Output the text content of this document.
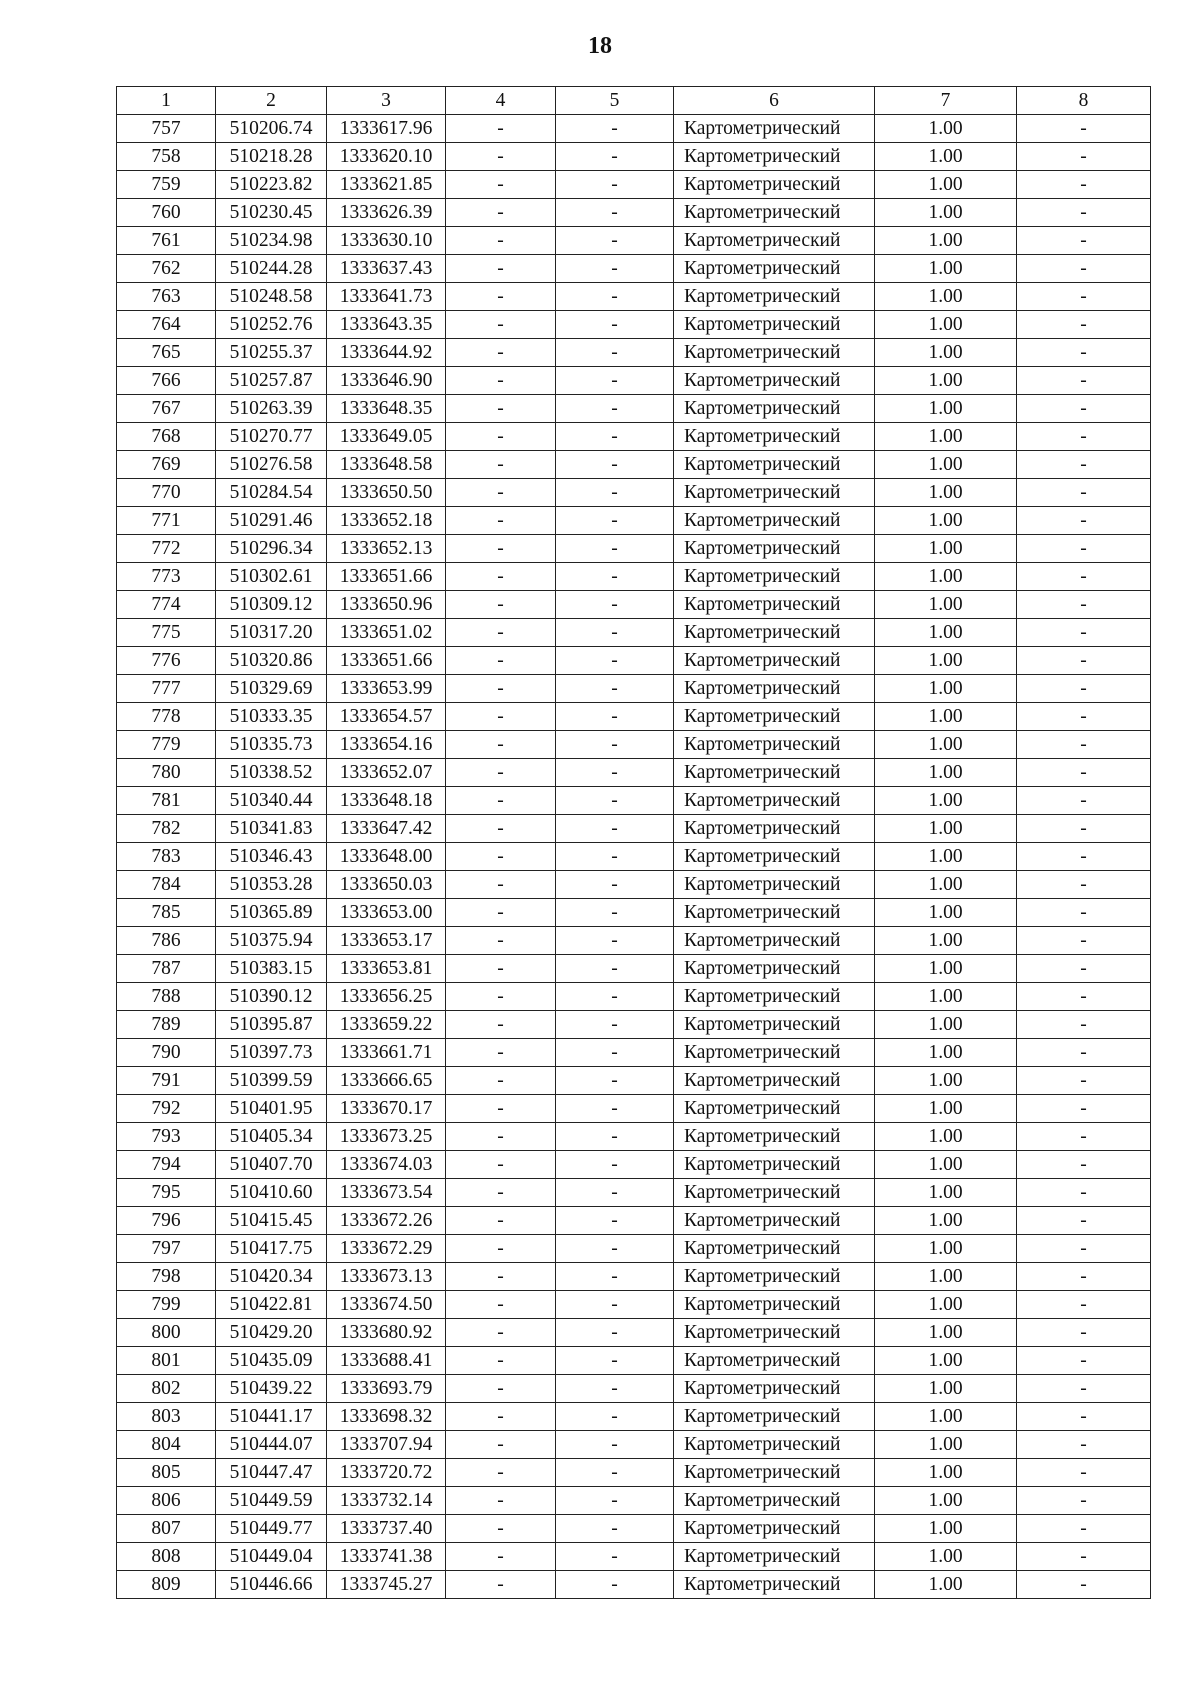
18
1	2	3	4	5	6	7	8
757	510206.74	1333617.96	-	-	Картометрический	1.00	-
758	510218.28	1333620.10	-	-	Картометрический	1.00	-
759	510223.82	1333621.85	-	-	Картометрический	1.00	-
760	510230.45	1333626.39	-	-	Картометрический	1.00	-
761	510234.98	1333630.10	-	-	Картометрический	1.00	-
762	510244.28	1333637.43	-	-	Картометрический	1.00	-
763	510248.58	1333641.73	-	-	Картометрический	1.00	-
764	510252.76	1333643.35	-	-	Картометрический	1.00	-
765	510255.37	1333644.92	-	-	Картометрический	1.00	-
766	510257.87	1333646.90	-	-	Картометрический	1.00	-
767	510263.39	1333648.35	-	-	Картометрический	1.00	-
768	510270.77	1333649.05	-	-	Картометрический	1.00	-
769	510276.58	1333648.58	-	-	Картометрический	1.00	-
770	510284.54	1333650.50	-	-	Картометрический	1.00	-
771	510291.46	1333652.18	-	-	Картометрический	1.00	-
772	510296.34	1333652.13	-	-	Картометрический	1.00	-
773	510302.61	1333651.66	-	-	Картометрический	1.00	-
774	510309.12	1333650.96	-	-	Картометрический	1.00	-
775	510317.20	1333651.02	-	-	Картометрический	1.00	-
776	510320.86	1333651.66	-	-	Картометрический	1.00	-
777	510329.69	1333653.99	-	-	Картометрический	1.00	-
778	510333.35	1333654.57	-	-	Картометрический	1.00	-
779	510335.73	1333654.16	-	-	Картометрический	1.00	-
780	510338.52	1333652.07	-	-	Картометрический	1.00	-
781	510340.44	1333648.18	-	-	Картометрический	1.00	-
782	510341.83	1333647.42	-	-	Картометрический	1.00	-
783	510346.43	1333648.00	-	-	Картометрический	1.00	-
784	510353.28	1333650.03	-	-	Картометрический	1.00	-
785	510365.89	1333653.00	-	-	Картометрический	1.00	-
786	510375.94	1333653.17	-	-	Картометрический	1.00	-
787	510383.15	1333653.81	-	-	Картометрический	1.00	-
788	510390.12	1333656.25	-	-	Картометрический	1.00	-
789	510395.87	1333659.22	-	-	Картометрический	1.00	-
790	510397.73	1333661.71	-	-	Картометрический	1.00	-
791	510399.59	1333666.65	-	-	Картометрический	1.00	-
792	510401.95	1333670.17	-	-	Картометрический	1.00	-
793	510405.34	1333673.25	-	-	Картометрический	1.00	-
794	510407.70	1333674.03	-	-	Картометрический	1.00	-
795	510410.60	1333673.54	-	-	Картометрический	1.00	-
796	510415.45	1333672.26	-	-	Картометрический	1.00	-
797	510417.75	1333672.29	-	-	Картометрический	1.00	-
798	510420.34	1333673.13	-	-	Картометрический	1.00	-
799	510422.81	1333674.50	-	-	Картометрический	1.00	-
800	510429.20	1333680.92	-	-	Картометрический	1.00	-
801	510435.09	1333688.41	-	-	Картометрический	1.00	-
802	510439.22	1333693.79	-	-	Картометрический	1.00	-
803	510441.17	1333698.32	-	-	Картометрический	1.00	-
804	510444.07	1333707.94	-	-	Картометрический	1.00	-
805	510447.47	1333720.72	-	-	Картометрический	1.00	-
806	510449.59	1333732.14	-	-	Картометрический	1.00	-
807	510449.77	1333737.40	-	-	Картометрический	1.00	-
808	510449.04	1333741.38	-	-	Картометрический	1.00	-
809	510446.66	1333745.27	-	-	Картометрический	1.00	-
